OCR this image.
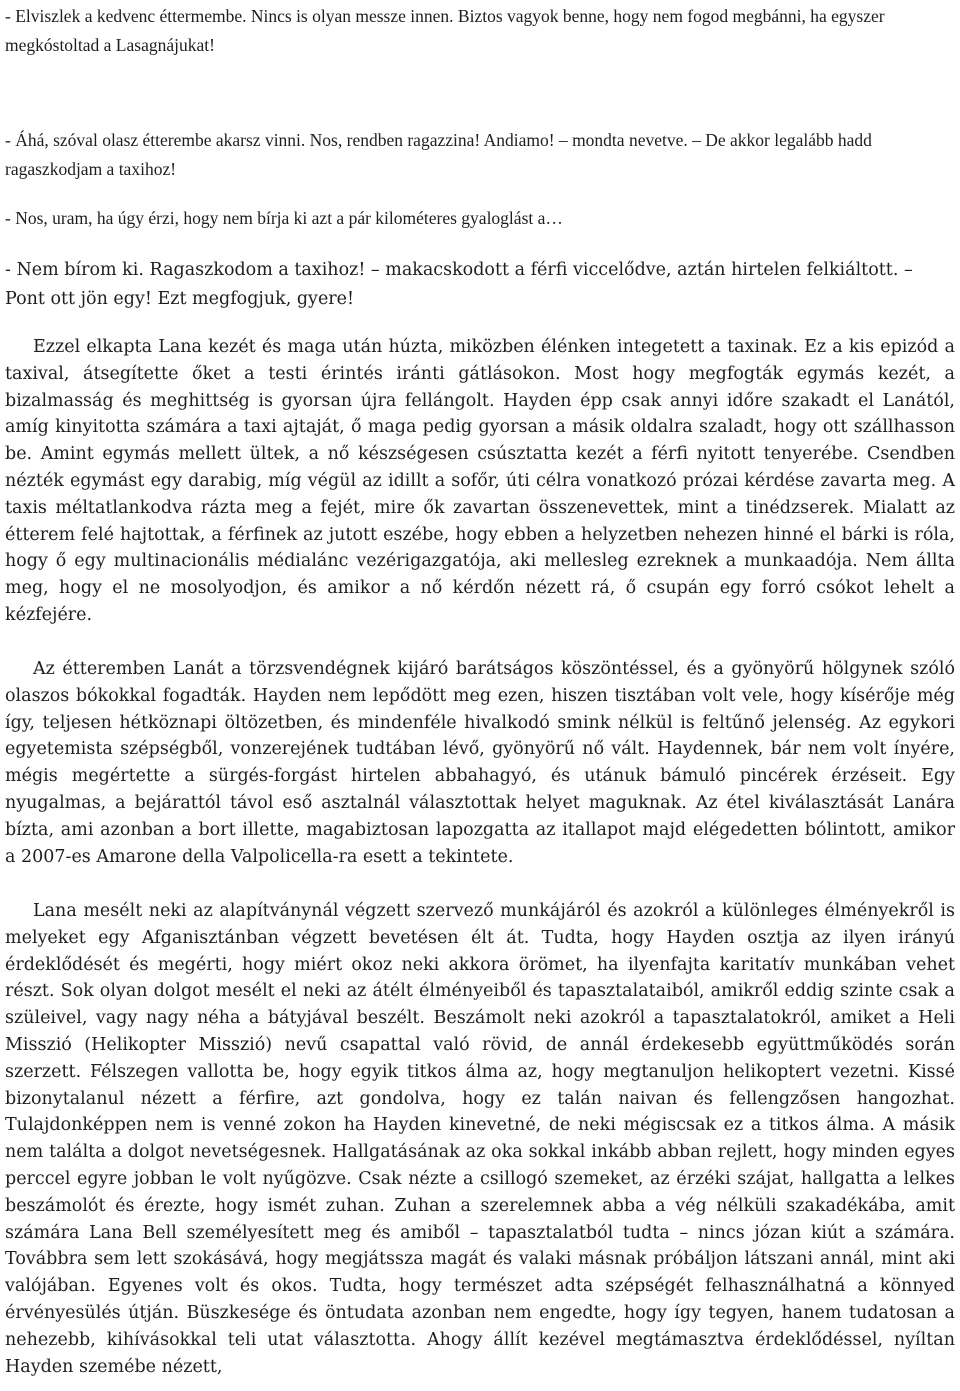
- Elviszlek a kedvenc éttermembe. Nincs is olyan messze innen. Biztos vagyok benne, hogy nem fogod megbánni, ha egyszer megkóstoltad a Lasagnájukat!

- Áhá, szóval olasz étterembe akarsz vinni. Nos, rendben ragazzina! Andiamo! – mondta nevetve. – De akkor legalább hadd ragaszkodjam a taxihoz!

- Nos, uram, ha úgy érzi, hogy nem bírja ki azt a pár kilométeres gyaloglást a…

- Nem bírom ki. Ragaszkodom a taxihoz! – makacskodott a férfi viccelődve, aztán hirtelen felkiáltott. – Pont ott jön egy! Ezt megfogjuk, gyere!

Ezzel elkapta Lana kezét és maga után húzta, miközben élénken integetett a taxinak. Ez a kis epizód a taxival, átsegítette őket a testi érintés iránti gátlásokon. Most hogy megfogták egymás kezét, a bizalmasság és meghittség is gyorsan újra fellángolt. Hayden épp csak annyi időre szakadt el Lanától, amíg kinyitotta számára a taxi ajtaját, ő maga pedig gyorsan a másik oldalra szaladt, hogy ott szállhasson be. Amint egymás mellett ültek, a nő készségesen csúsztatta kezét a férfi nyitott tenyerébe. Csendben nézték egymást egy darabig, míg végül az idillt a sofőr, úti célra vonatkozó prózai kérdése zavarta meg. A taxis méltatlankodva rázta meg a fejét, mire ők zavartan összenevettek, mint a tinédzserek. Mialatt az étterem felé hajtottak, a férfinek az jutott eszébe, hogy ebben a helyzetben nehezen hinné el bárki is róla, hogy ő egy multinacionális médialánc vezérigazgatója, aki mellesleg ezreknek a munkaadója. Nem állta meg, hogy el ne mosolyodjon, és amikor a nő kérdőn nézett rá, ő csupán egy forró csókot lehelt a kézfejére.

Az étteremben Lanát a törzsvendégnek kijáró barátságos köszöntéssel, és a gyönyörű hölgynek szóló olaszos bókokkal fogadták. Hayden nem lepődött meg ezen, hiszen tisztában volt vele, hogy kísérője még így, teljesen hétköznapi öltözetben, és mindenféle hivalkodó smink nélkül is feltűnő jelenség. Az egykori egyetemista szépségből, vonzerejének tudtában lévő, gyönyörű nő vált. Haydennek, bár nem volt ínyére, mégis megértette a sürgés-forgást hirtelen abbahagyó, és utánuk bámuló pincérek érzéseit. Egy nyugalmas, a bejárattól távol eső asztalnál választottak helyet maguknak. Az étel kiválasztását Lanára bízta, ami azonban a bort illette, magabiztosan lapozgatta az itallapot majd elégedetten bólintott, amikor a 2007-es Amarone della Valpolicella-ra esett a tekintete.

Lana mesélt neki az alapítványnál végzett szervező munkájáról és azokról a különleges élményekről is melyeket egy Afganisztánban végzett bevetésen élt át. Tudta, hogy Hayden osztja az ilyen irányú érdeklődését és megérti, hogy miért okoz neki akkora örömet, ha ilyenfajta karitatív munkában vehet részt. Sok olyan dolgot mesélt el neki az átélt élményeiből és tapasztalataiból, amikről eddig szinte csak a szüleivel, vagy nagy néha a bátyjával beszélt. Beszámolt neki azokról a tapasztalatokról, amiket a Heli Misszió (Helikopter Misszió) nevű csapattal való rövid, de annál érdekesebb együttműködés során szerzett. Félszegen vallotta be, hogy egyik titkos álma az, hogy megtanuljon helikoptert vezetni. Kissé bizonytalanul nézett a férfire, azt gondolva, hogy ez talán naivan és fellengzősen hangozhat. Tulajdonképpen nem is venné zokon ha Hayden kinevetné, de neki mégiscsak ez a titkos álma. A másik nem találta a dolgot nevetségesnek. Hallgatásának az oka sokkal inkább abban rejlett, hogy minden egyes perccel egyre jobban le volt nyűgözve. Csak nézte a csillogó szemeket, az érzéki szájat, hallgatta a lelkes beszámolót és érezte, hogy ismét zuhan. Zuhan a szerelemnek abba a vég nélküli szakadékába, amit számára Lana Bell személyesített meg és amiből – tapasztalatból tudta – nincs józan kiút a számára. Továbbra sem lett szokásává, hogy megjátssza magát és valaki másnak próbáljon látszani annál, mint aki valójában. Egyenes volt és okos. Tudta, hogy természet adta szépségét felhasználhatná a könnyed érvényesülés útján. Büszkesége és öntudata azonban nem engedte, hogy így tegyen, hanem tudatosan a nehezebb, kihívásokkal teli utat választotta. Ahogy állít kezével megtámasztva érdeklődéssel, nyíltan Hayden szemébe nézett,
